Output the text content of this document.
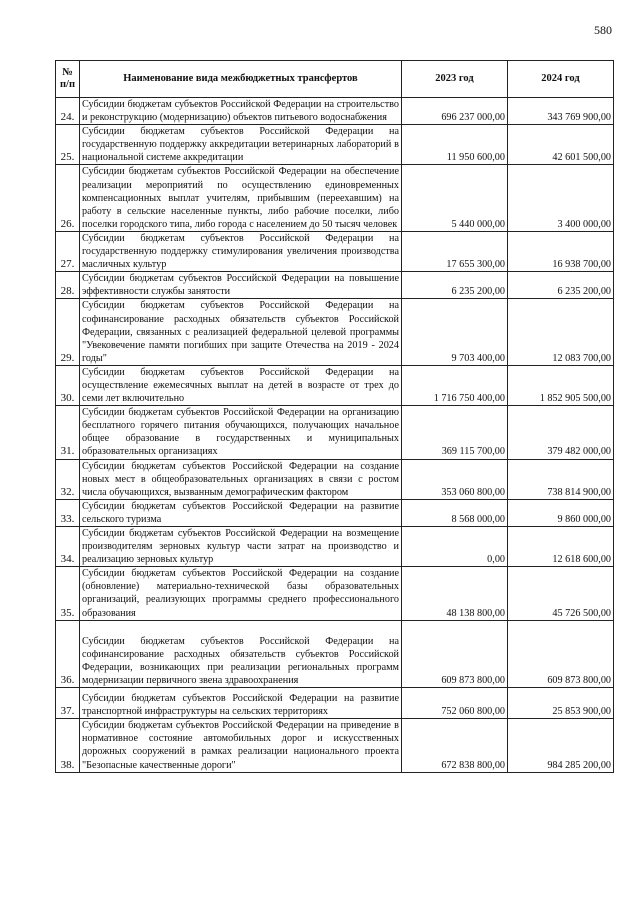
580
№ п/п	Наименование вида межбюджетных трансфертов	2023 год	2024 год
24.	Субсидии бюджетам субъектов Российской Федерации на строительство и реконструкцию (модернизацию) объектов питьевого водоснабжения	696 237 000,00	343 769 900,00
25.	Субсидии бюджетам субъектов Российской Федерации на государственную поддержку аккредитации ветеринарных лабораторий в национальной системе аккредитации	11 950 600,00	42 601 500,00
26.	Субсидии бюджетам субъектов Российской Федерации на обеспечение реализации мероприятий по осуществлению единовременных компенсационных выплат учителям, прибывшим (переехавшим) на работу в сельские населенные пункты, либо рабочие поселки, либо поселки городского типа, либо города с населением до 50 тысяч человек	5 440 000,00	3 400 000,00
27.	Субсидии бюджетам субъектов Российской Федерации на государственную поддержку стимулирования увеличения производства масличных культур	17 655 300,00	16 938 700,00
28.	Субсидии бюджетам субъектов Российской Федерации на повышение эффективности службы занятости	6 235 200,00	6 235 200,00
29.	Субсидии бюджетам субъектов Российской Федерации на софинансирование расходных обязательств субъектов Российской Федерации, связанных с реализацией федеральной целевой программы "Увековечение памяти погибших при защите Отечества на 2019 - 2024 годы"	9 703 400,00	12 083 700,00
30.	Субсидии бюджетам субъектов Российской Федерации на осуществление ежемесячных выплат на детей в возрасте от трех до семи лет включительно	1 716 750 400,00	1 852 905 500,00
31.	Субсидии бюджетам субъектов Российской Федерации на организацию бесплатного горячего питания обучающихся, получающих начальное общее образование в государственных и муниципальных образовательных организациях	369 115 700,00	379 482 000,00
32.	Субсидии бюджетам субъектов Российской Федерации на создание новых мест в общеобразовательных организациях в связи с ростом числа обучающихся, вызванным демографическим фактором	353 060 800,00	738 814 900,00
33.	Субсидии бюджетам субъектов Российской Федерации на развитие сельского туризма	8 568 000,00	9 860 000,00
34.	Субсидии бюджетам субъектов Российской Федерации на возмещение производителям зерновых культур части затрат на производство и реализацию зерновых культур	0,00	12 618 600,00
35.	Субсидии бюджетам субъектов Российской Федерации на создание (обновление) материально-технической базы образовательных организаций, реализующих программы среднего профессионального образования	48 138 800,00	45 726 500,00
36.	Субсидии бюджетам субъектов Российской Федерации на софинансирование расходных обязательств субъектов Российской Федерации, возникающих при реализации региональных программ модернизации первичного звена здравоохранения	609 873 800,00	609 873 800,00
37.	Субсидии бюджетам субъектов Российской Федерации на развитие транспортной инфраструктуры на сельских территориях	752 060 800,00	25 853 900,00
38.	Субсидии бюджетам субъектов Российской Федерации на приведение в нормативное состояние автомобильных дорог и искусственных дорожных сооружений в рамках реализации национального проекта "Безопасные качественные дороги"	672 838 800,00	984 285 200,00
